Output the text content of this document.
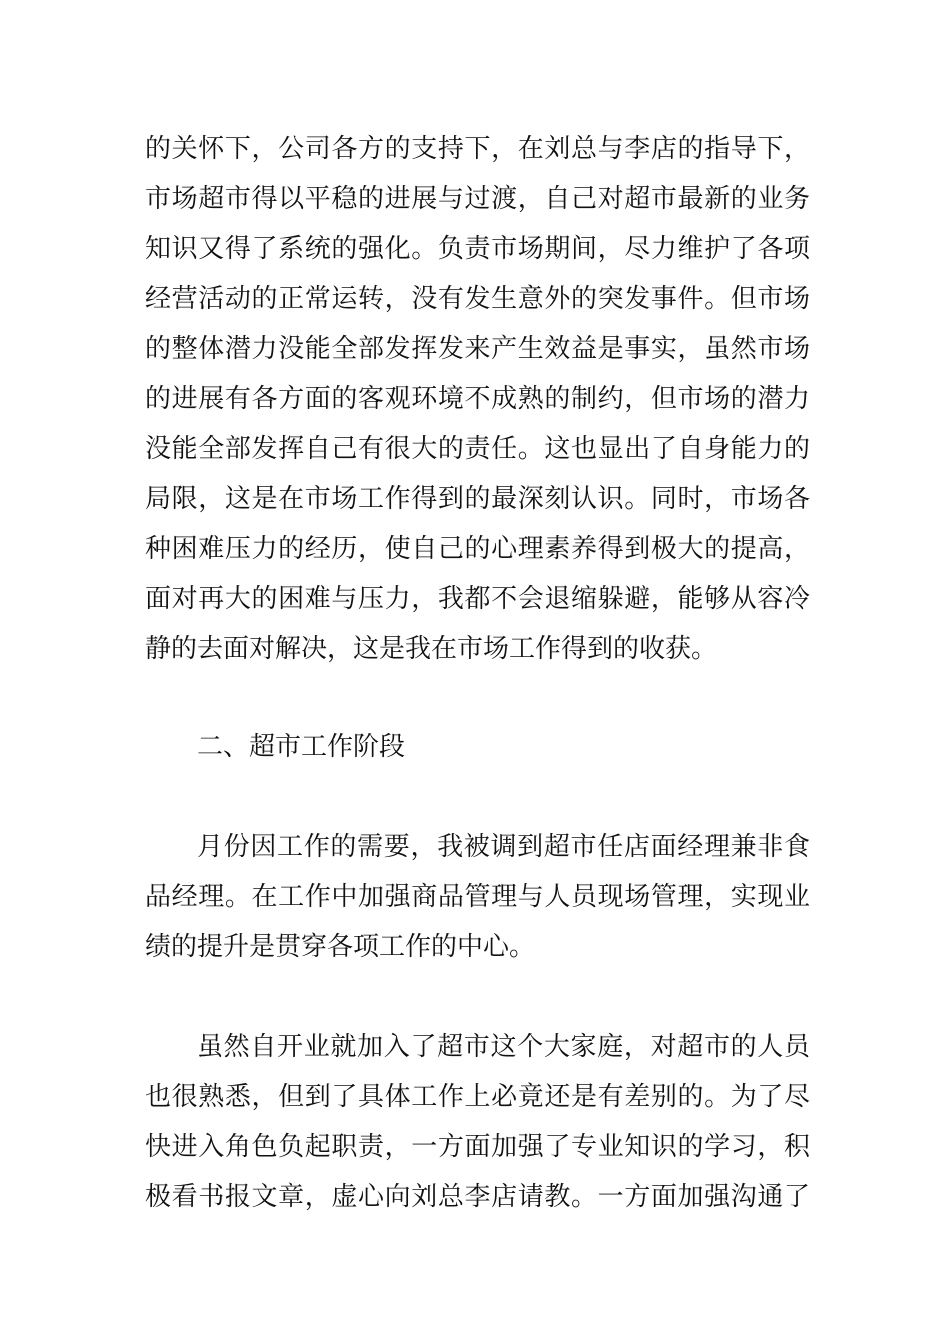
的关怀下，公司各方的支持下，在刘总与李店的指导下，
市场超市得以平稳的进展与过渡，自己对超市最新的业务
知识又得了系统的强化。负责市场期间，尽力维护了各项
经营活动的正常运转，没有发生意外的突发事件。但市场
的整体潜力没能全部发挥发来产生效益是事实，虽然市场
的进展有各方面的客观环境不成熟的制约，但市场的潜力
没能全部发挥自己有很大的责任。这也显出了自身能力的
局限，这是在市场工作得到的最深刻认识。同时，市场各
种困难压力的经历，使自己的心理素养得到极大的提高，
面对再大的困难与压力，我都不会退缩躲避，能够从容冷
静的去面对解决，这是我在市场工作得到的收获。
二、超市工作阶段
月份因工作的需要，我被调到超市任店面经理兼非食
品经理。在工作中加强商品管理与人员现场管理，实现业
绩的提升是贯穿各项工作的中心。
虽然自开业就加入了超市这个大家庭，对超市的人员
也很熟悉，但到了具体工作上必竟还是有差别的。为了尽
快进入角色负起职责，一方面加强了专业知识的学习，积
极看书报文章，虚心向刘总李店请教。一方面加强沟通了
